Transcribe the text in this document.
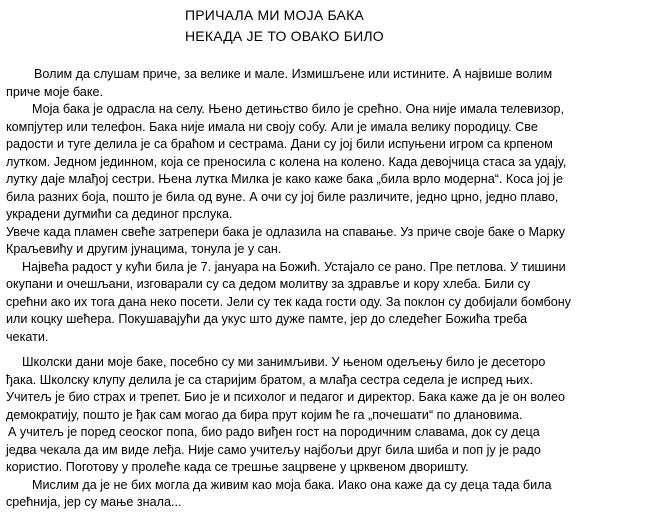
ПРИЧАЛА МИ МОЈА БАКА
НЕКАДА ЈЕ ТО ОВАКО БИЛО
Волим да слушам приче, за велике и мале. Измишљене или истините. А највише волим
приче моје баке.
Моја бака је одрасла на селу. Њено детињство било је срећно. Она није имала телевизор,
компјутер или телефон. Бака није имала ни своју собу. Али је имала велику породицу. Све
радости и туге делила је са браћом и сестрама. Дани су јој били испуњени игром са крпеном
лутком. Једном јединном, која се преносила с колена на колено. Када девојчица стаса за удају,
лутку даје млађој сестри. Њена лутка Милка је како каже бака „била врло модерна“. Коса јој је
била разних боја, пошто је била од вуне. А очи су јој биле различите, једно црно, једно плаво,
украдени дугмићи са дединог прслука.
Увече када пламен свеће затрепери бака је одлазила на спавање. Уз приче своје баке о Марку
Краљевићу и другим јунацима, тонула је у сан.
Највећа радост у кући била је 7. јануара на Божић. Устајало се рано. Пре петлова. У тишини
окупани и очешљани, изговарали су са дедом молитву за здравље и кору хлеба. Били су
срећни ако их тога дана неко посети. Јели су тек када гости оду. За поклон су добијали бомбону
или коцку шећера. Покушавајући да укус што дуже памте, јер до следећег Божића треба
чекати.
Школски дани моје баке, посебно су ми занимљиви. У њеном одељењу било је десеторо
ђака. Школску клупу делила је са старијим братом, а млађа сестра седела је испред њих.
Учитељ је био страх и трепет. Био је и психолог и педагог и директор. Бака каже да је он волео
демократију, пошто је ђак сам могао да бира прут којим ће га „почешати“ по длановима.
А учитељ је поред сеоског попа, био радо виђен гост на породичним славама, док су деца
једва чекала да им виде леђа. Није само учитељу најбољи друг била шиба и поп ју је радо
користио. Поготову у пролеће када се трешње зацрвене у црквеном дворишту.
Мислим да је не бих могла да живим као моја бака. Иако она каже да су деца тада била
срећнија, јер су мање знала...
